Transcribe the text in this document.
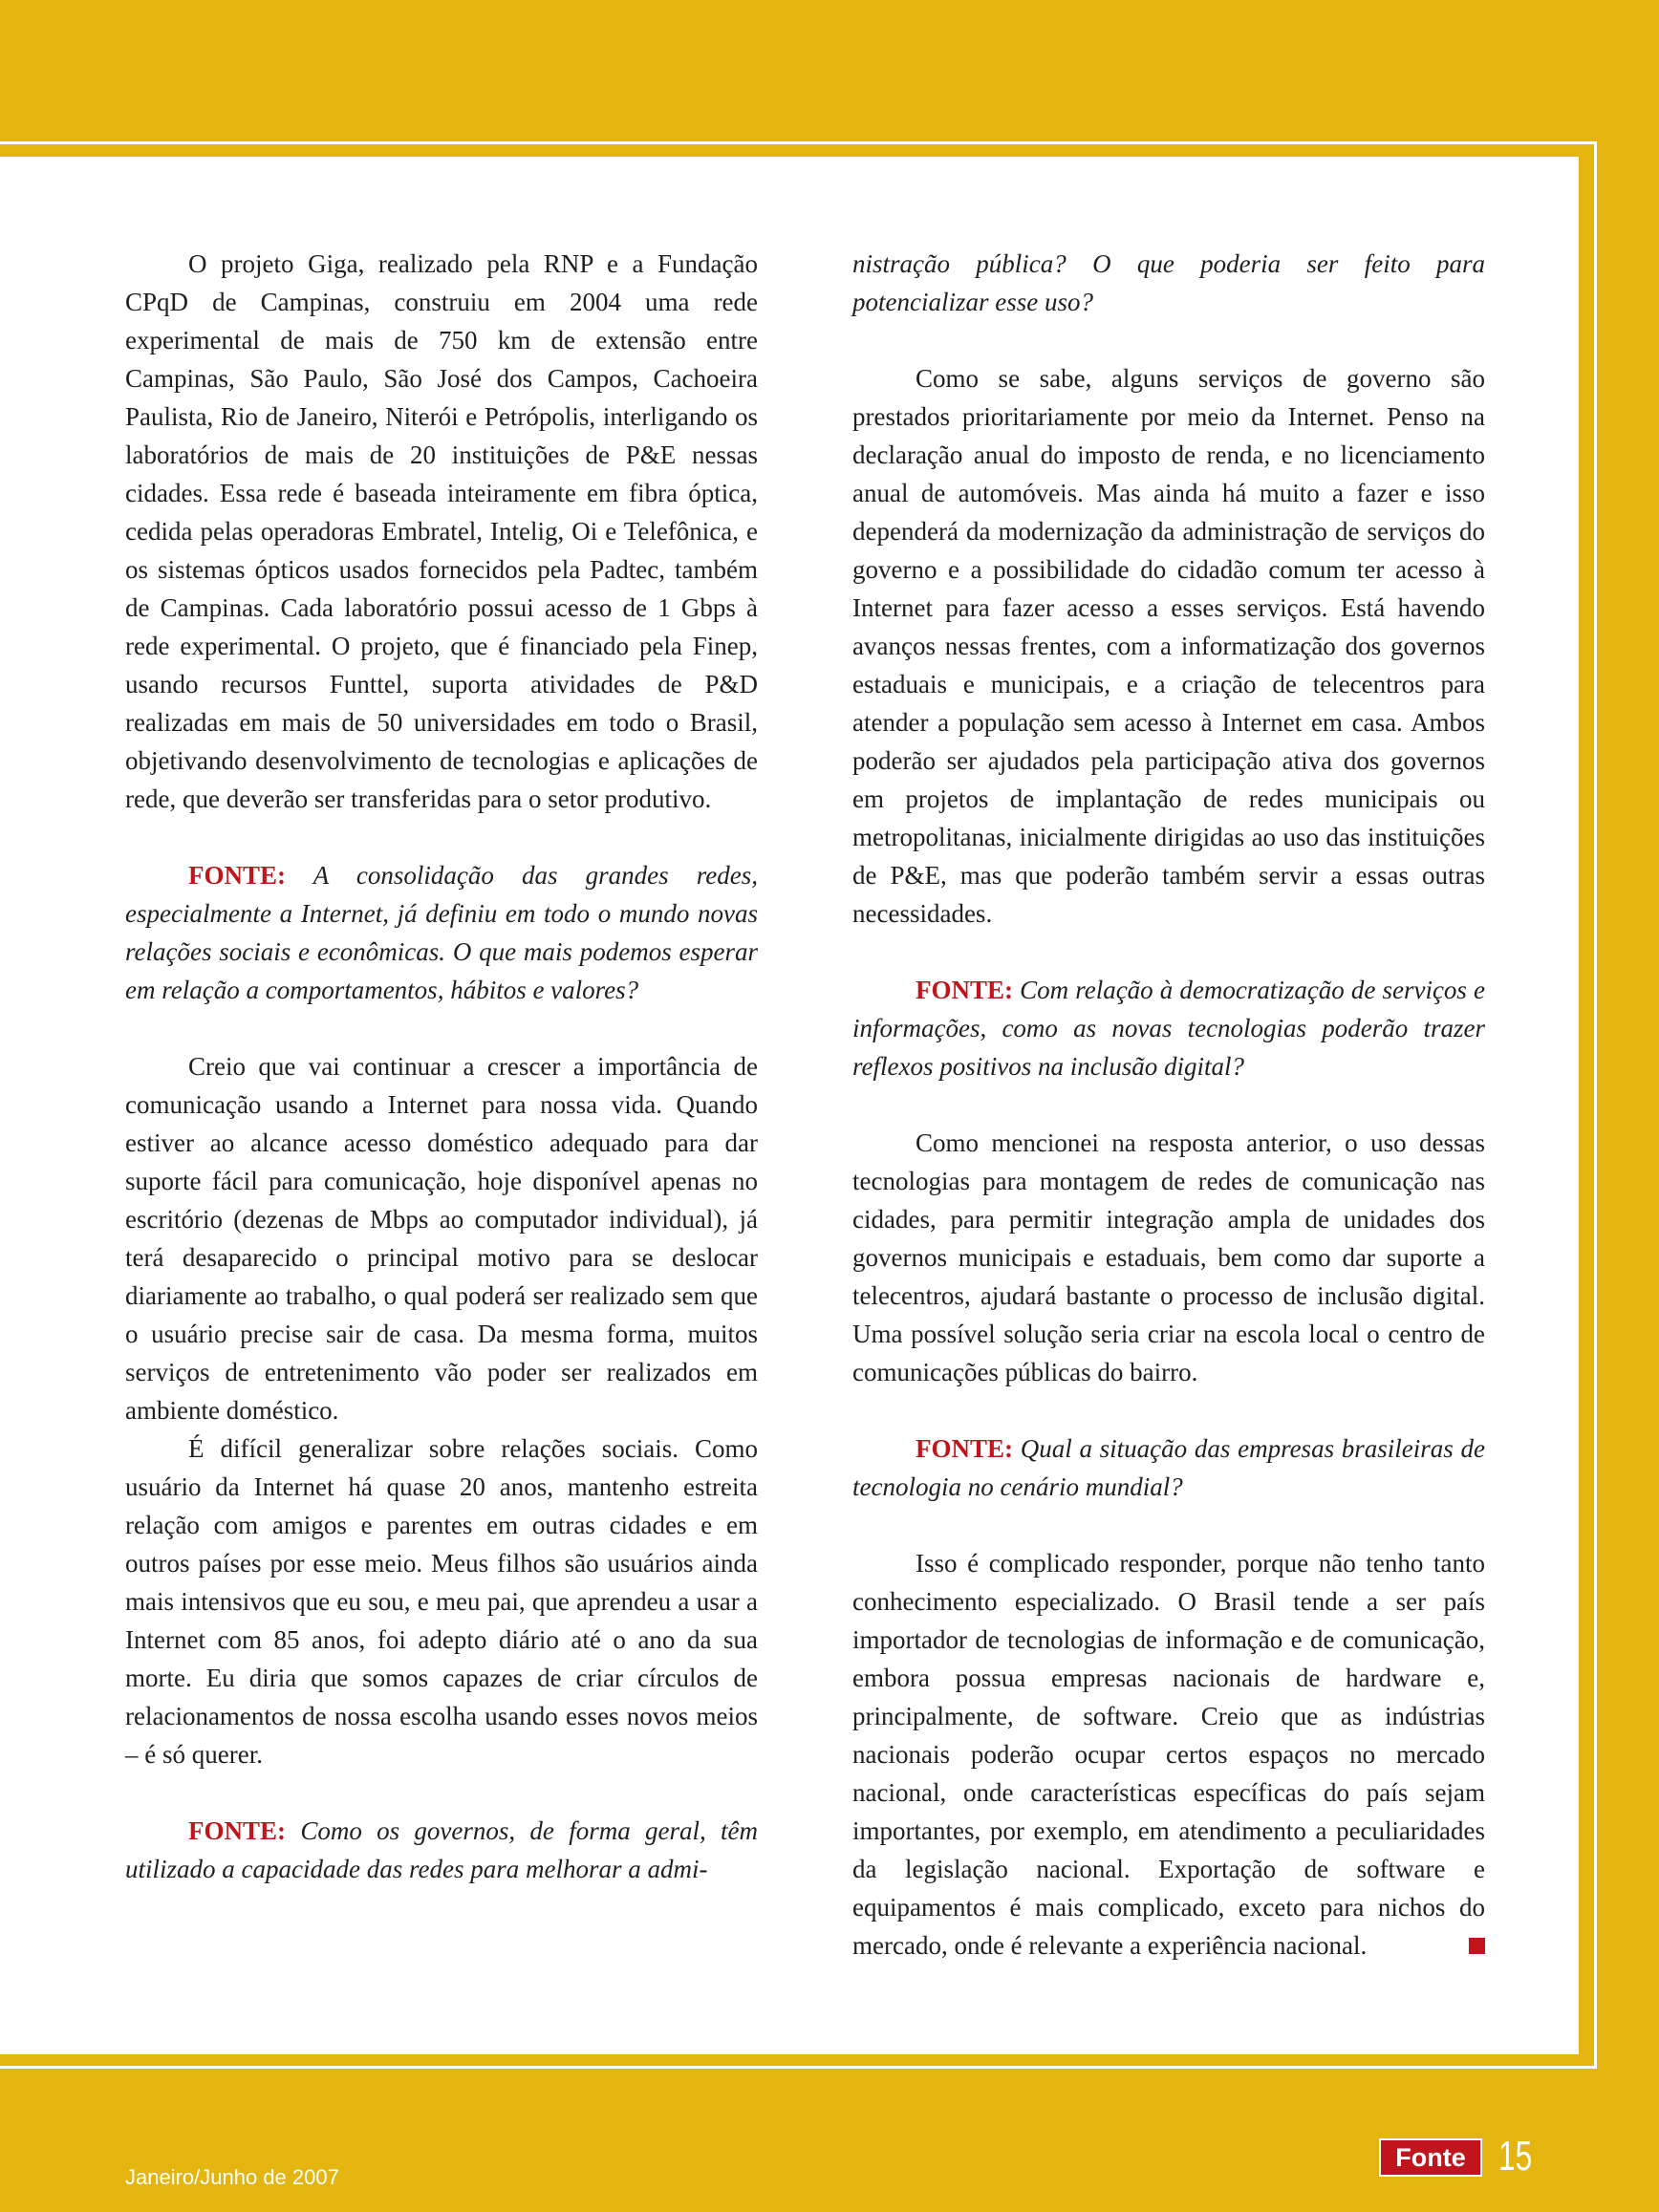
O projeto Giga, realizado pela RNP e a Fundação CPqD de Campinas, construiu em 2004 uma rede experimental de mais de 750 km de extensão entre Campinas, São Paulo, São José dos Campos, Cachoeira Paulista, Rio de Janeiro, Niterói e Petrópolis, interligando os laboratórios de mais de 20 instituições de P&E nessas cidades. Essa rede é baseada inteiramente em fibra óptica, cedida pelas operadoras Embratel, Intelig, Oi e Telefônica, e os sistemas ópticos usados fornecidos pela Padtec, também de Campinas. Cada laboratório possui acesso de 1 Gbps à rede experimental. O projeto, que é financiado pela Finep, usando recursos Funttel, suporta atividades de P&D realizadas em mais de 50 universidades em todo o Brasil, objetivando desenvolvimento de tecnologias e aplicações de rede, que deverão ser transferidas para o setor produtivo.

FONTE: A consolidação das grandes redes, especialmente a Internet, já definiu em todo o mundo novas relações sociais e econômicas. O que mais podemos esperar em relação a comportamentos, hábitos e valores?

Creio que vai continuar a crescer a importância de comunicação usando a Internet para nossa vida. Quando estiver ao alcance acesso doméstico adequado para dar suporte fácil para comunicação, hoje disponível apenas no escritório (dezenas de Mbps ao computador individual), já terá desaparecido o principal motivo para se deslocar diariamente ao trabalho, o qual poderá ser realizado sem que o usuário precise sair de casa. Da mesma forma, muitos serviços de entretenimento vão poder ser realizados em ambiente doméstico.

É difícil generalizar sobre relações sociais. Como usuário da Internet há quase 20 anos, mantenho estreita relação com amigos e parentes em outras cidades e em outros países por esse meio. Meus filhos são usuários ainda mais intensivos que eu sou, e meu pai, que aprendeu a usar a Internet com 85 anos, foi adepto diário até o ano da sua morte. Eu diria que somos capazes de criar círculos de relacionamentos de nossa escolha usando esses novos meios – é só querer.

FONTE: Como os governos, de forma geral, têm utilizado a capacidade das redes para melhorar a admi-

nistração pública? O que poderia ser feito para potencializar esse uso?

Como se sabe, alguns serviços de governo são prestados prioritariamente por meio da Internet. Penso na declaração anual do imposto de renda, e no licenciamento anual de automóveis. Mas ainda há muito a fazer e isso dependerá da modernização da administração de serviços do governo e a possibilidade do cidadão comum ter acesso à Internet para fazer acesso a esses serviços. Está havendo avanços nessas frentes, com a informatização dos governos estaduais e municipais, e a criação de telecentros para atender a população sem acesso à Internet em casa. Ambos poderão ser ajudados pela participação ativa dos governos em projetos de implantação de redes municipais ou metropolitanas, inicialmente dirigidas ao uso das instituições de P&E, mas que poderão também servir a essas outras necessidades.

FONTE: Com relação à democratização de serviços e informações, como as novas tecnologias poderão trazer reflexos positivos na inclusão digital?

Como mencionei na resposta anterior, o uso dessas tecnologias para montagem de redes de comunicação nas cidades, para permitir integração ampla de unidades dos governos municipais e estaduais, bem como dar suporte a telecentros, ajudará bastante o processo de inclusão digital. Uma possível solução seria criar na escola local o centro de comunicações públicas do bairro.

FONTE: Qual a situação das empresas brasileiras de tecnologia no cenário mundial?

Isso é complicado responder, porque não tenho tanto conhecimento especializado. O Brasil tende a ser país importador de tecnologias de informação e de comunicação, embora possua empresas nacionais de hardware e, principalmente, de software. Creio que as indústrias nacionais poderão ocupar certos espaços no mercado nacional, onde características específicas do país sejam importantes, por exemplo, em atendimento a peculiaridades da legislação nacional. Exportação de software e equipamentos é mais complicado, exceto para nichos do mercado, onde é relevante a experiência nacional.

Janeiro/Junho de 2007
Fonte 15
